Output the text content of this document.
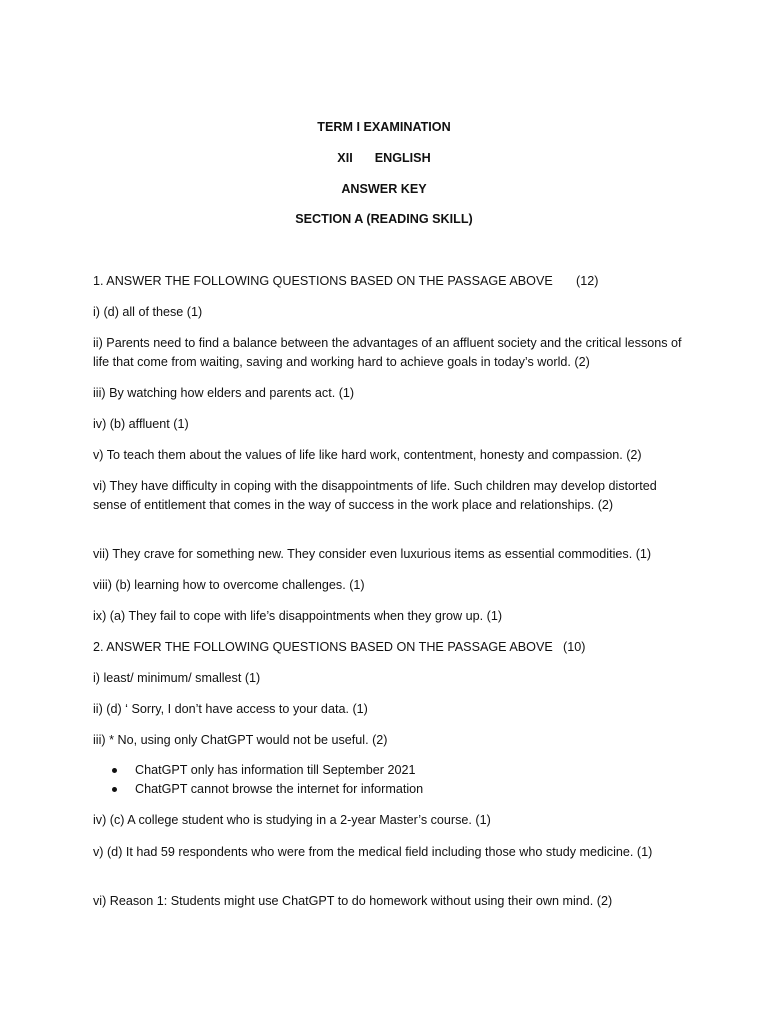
TERM I EXAMINATION
XII ENGLISH
ANSWER KEY
SECTION A (READING SKILL)
1. ANSWER THE FOLLOWING QUESTIONS BASED ON THE PASSAGE ABOVE (12)
i) (d) all of these (1)
ii) Parents need to find a balance between the advantages of an affluent society and the critical lessons of life that come from waiting, saving and working hard to achieve goals in today’s world. (2)
iii) By watching how elders and parents act. (1)
iv) (b) affluent (1)
v) To teach them about the values of life like hard work, contentment, honesty and compassion. (2)
vi) They have difficulty in coping with the disappointments of life. Such children may develop distorted sense of entitlement that comes in the way of success in the work place and relationships. (2)
vii) They crave for something new. They consider even luxurious items as essential commodities. (1)
viii) (b) learning how to overcome challenges. (1)
ix) (a) They fail to cope with life’s disappointments when they grow up. (1)
2. ANSWER THE FOLLOWING QUESTIONS BASED ON THE PASSAGE ABOVE (10)
i) least/ minimum/ smallest (1)
ii) (d) ‘ Sorry, I don’t have access to your data. (1)
iii) * No, using only ChatGPT would not be useful. (2)
ChatGPT only has information till September 2021
ChatGPT cannot browse the internet for information
iv) (c) A college student who is studying in a 2-year Master’s course. (1)
v) (d) It had 59 respondents who were from the medical field including those who study medicine. (1)
vi) Reason 1: Students might use ChatGPT to do homework without using their own mind. (2)
